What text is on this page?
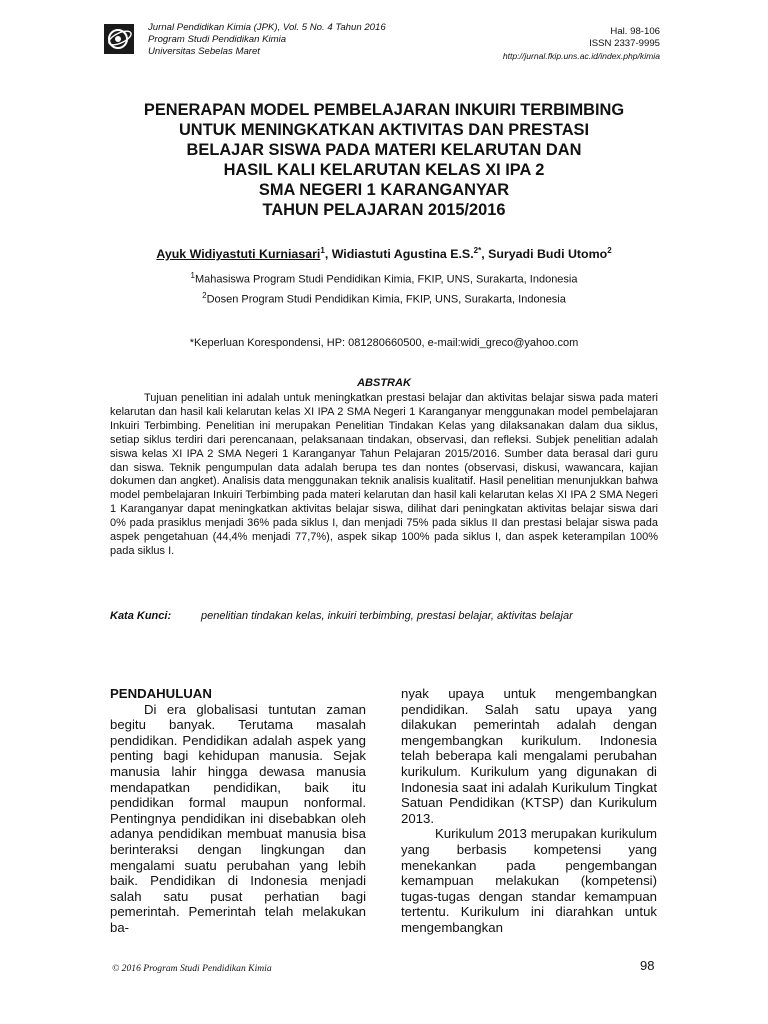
Jurnal Pendidikan Kimia (JPK), Vol. 5 No. 4 Tahun 2016
Program Studi Pendidikan Kimia
Universitas Sebelas Maret
Hal. 98-106
ISSN 2337-9995
http://jurnal.fkip.uns.ac.id/index.php/kimia
PENERAPAN MODEL PEMBELAJARAN INKUIRI TERBIMBING
UNTUK MENINGKATKAN AKTIVITAS DAN PRESTASI
BELAJAR SISWA PADA MATERI KELARUTAN DAN
HASIL KALI KELARUTAN KELAS XI IPA 2
SMA NEGERI 1 KARANGANYAR
TAHUN PELAJARAN 2015/2016
Ayuk Widiyastuti Kurniasari$^1$, Widiastuti Agustina E.S.$^{2*}$, Suryadi Budi Utomo$^2$
$^1$Mahasiswa Program Studi Pendidikan Kimia, FKIP, UNS, Surakarta, Indonesia
$^2$Dosen Program Studi Pendidikan Kimia, FKIP, UNS, Surakarta, Indonesia
*Keperluan Korespondensi, HP: 081280660500, e-mail:widi_greco@yahoo.com
ABSTRAK

Tujuan penelitian ini adalah untuk meningkatkan prestasi belajar dan aktivitas belajar siswa pada materi kelarutan dan hasil kali kelarutan kelas XI IPA 2 SMA Negeri 1 Karanganyar menggunakan model pembelajaran Inkuiri Terbimbing. Penelitian ini merupakan Penelitian Tindakan Kelas yang dilaksanakan dalam dua siklus, setiap siklus terdiri dari perencanaan, pelaksanaan tindakan, observasi, dan refleksi. Subjek penelitian adalah siswa kelas XI IPA 2 SMA Negeri 1 Karanganyar Tahun Pelajaran 2015/2016. Sumber data berasal dari guru dan siswa. Teknik pengumpulan data adalah berupa tes dan nontes (observasi, diskusi, wawancara, kajian dokumen dan angket). Analisis data menggunakan teknik analisis kualitatif. Hasil penelitian menunjukkan bahwa model pembelajaran Inkuiri Terbimbing pada materi kelarutan dan hasil kali kelarutan kelas XI IPA 2 SMA Negeri 1 Karanganyar dapat meningkatkan aktivitas belajar siswa, dilihat dari peningkatan aktivitas belajar siswa dari 0% pada prasiklus menjadi 36% pada siklus I, dan menjadi 75% pada siklus II dan prestasi belajar siswa pada aspek pengetahuan (44,4% menjadi 77,7%), aspek sikap 100% pada siklus I, dan aspek keterampilan 100% pada siklus I.

Kata Kunci:	penelitian tindakan kelas, inkuiri terbimbing, prestasi belajar, aktivitas belajar
PENDAHULUAN

Di era globalisasi tuntutan zaman begitu banyak. Terutama masalah pendidikan. Pendidikan adalah aspek yang penting bagi kehidupan manusia. Sejak manusia lahir hingga dewasa manusia mendapatkan pendidikan, baik itu pendidikan formal maupun nonformal. Pentingnya pendidikan ini disebabkan oleh adanya pendidikan membuat manusia bisa berinteraksi dengan lingkungan dan mengalami suatu perubahan yang lebih baik. Pendidikan di Indonesia menjadi salah satu pusat perhatian bagi pemerintah. Pemerintah telah melakukan ba-

nyak upaya untuk mengembangkan pendidikan. Salah satu upaya yang dilakukan pemerintah adalah dengan mengembangkan kurikulum. Indonesia telah beberapa kali mengalami perubahan kurikulum. Kurikulum yang digunakan di Indonesia saat ini adalah Kurikulum Tingkat Satuan Pendidikan (KTSP) dan Kurikulum 2013.

Kurikulum 2013 merupakan kurikulum yang berbasis kompetensi yang menekankan pada pengembangan kemampuan melakukan (kompetensi) tugas-tugas dengan standar kemampuan tertentu. Kurikulum ini diarahkan untuk mengembangkan

© 2016 Program Studi Pendidikan Kimia	98
